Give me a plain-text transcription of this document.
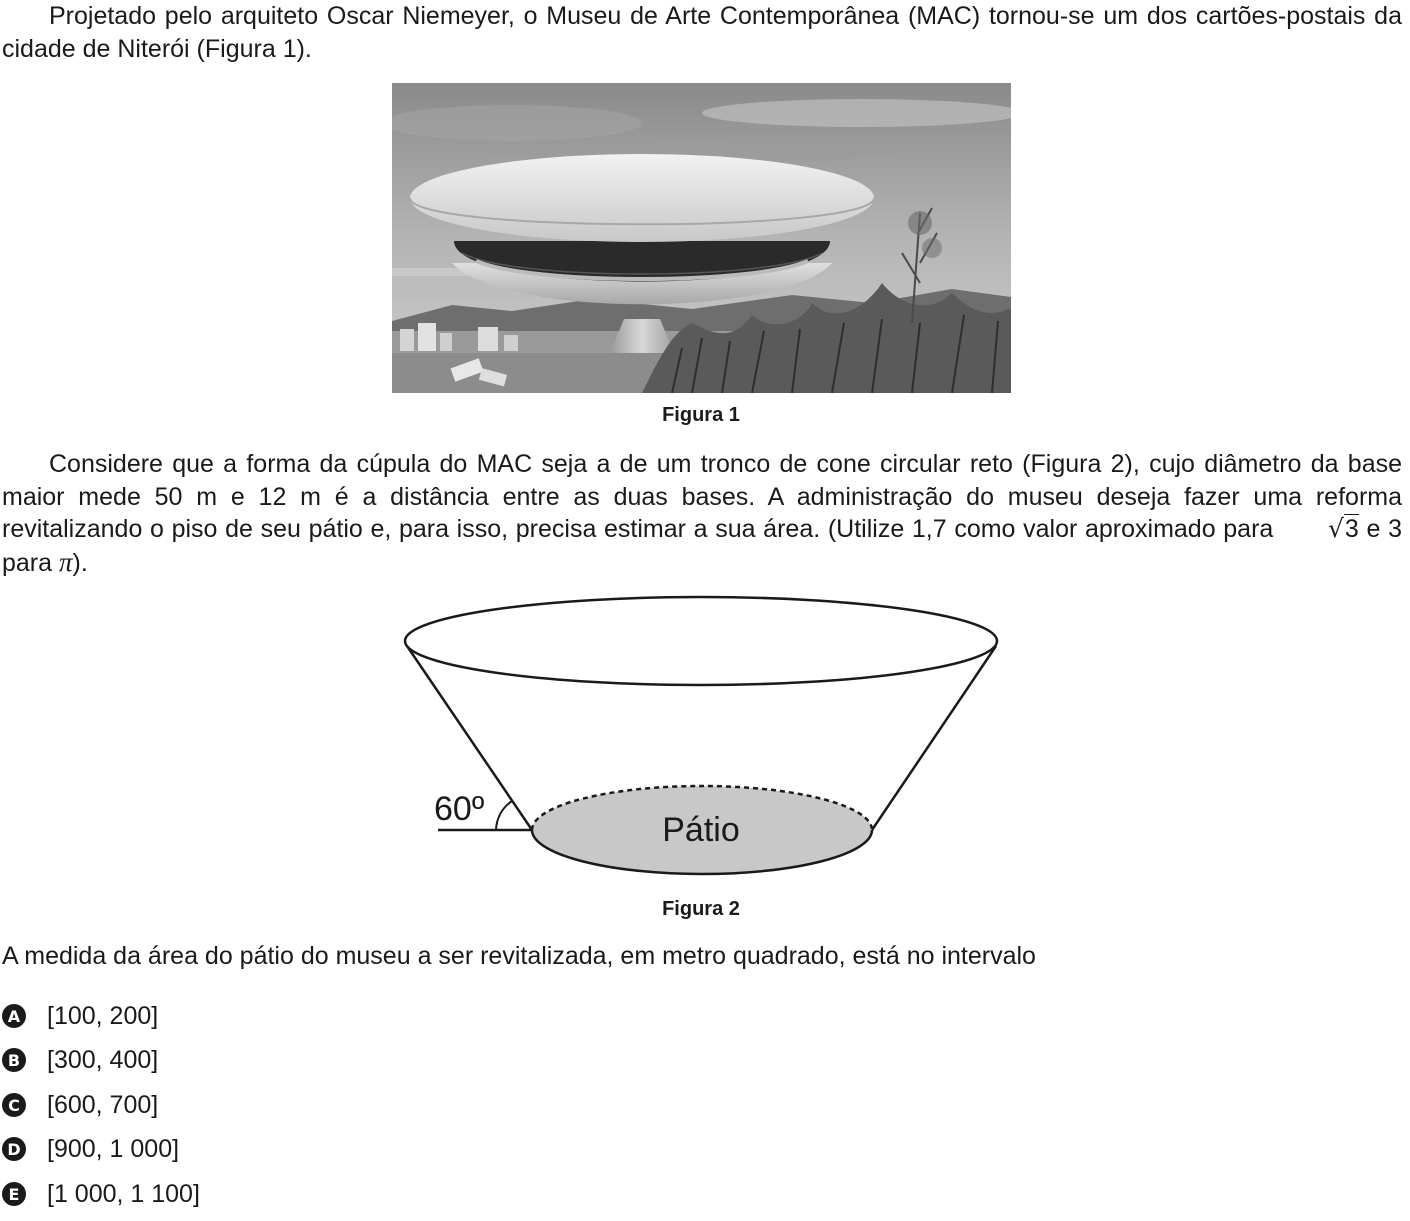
Projetado pelo arquiteto Oscar Niemeyer, o Museu de Arte Contemporânea (MAC) tornou-se um dos cartões-postais da cidade de Niterói (Figura 1).

Figura 1

Considere que a forma da cúpula do MAC seja a de um tronco de cone circular reto (Figura 2), cujo diâmetro da base maior mede 50 m e 12 m é a distância entre as duas bases. A administração do museu deseja fazer uma reforma revitalizando o piso de seu pátio e, para isso, precisa estimar a sua área. (Utilize 1,7 como valor aproximado para √3 e 3 para π).

60º
Pátio
Figura 2

A medida da área do pátio do museu a ser revitalizada, em metro quadrado, está no intervalo

A [100, 200]
B [300, 400]
C [600, 700]
D [900, 1 000]
E [1 000, 1 100]
